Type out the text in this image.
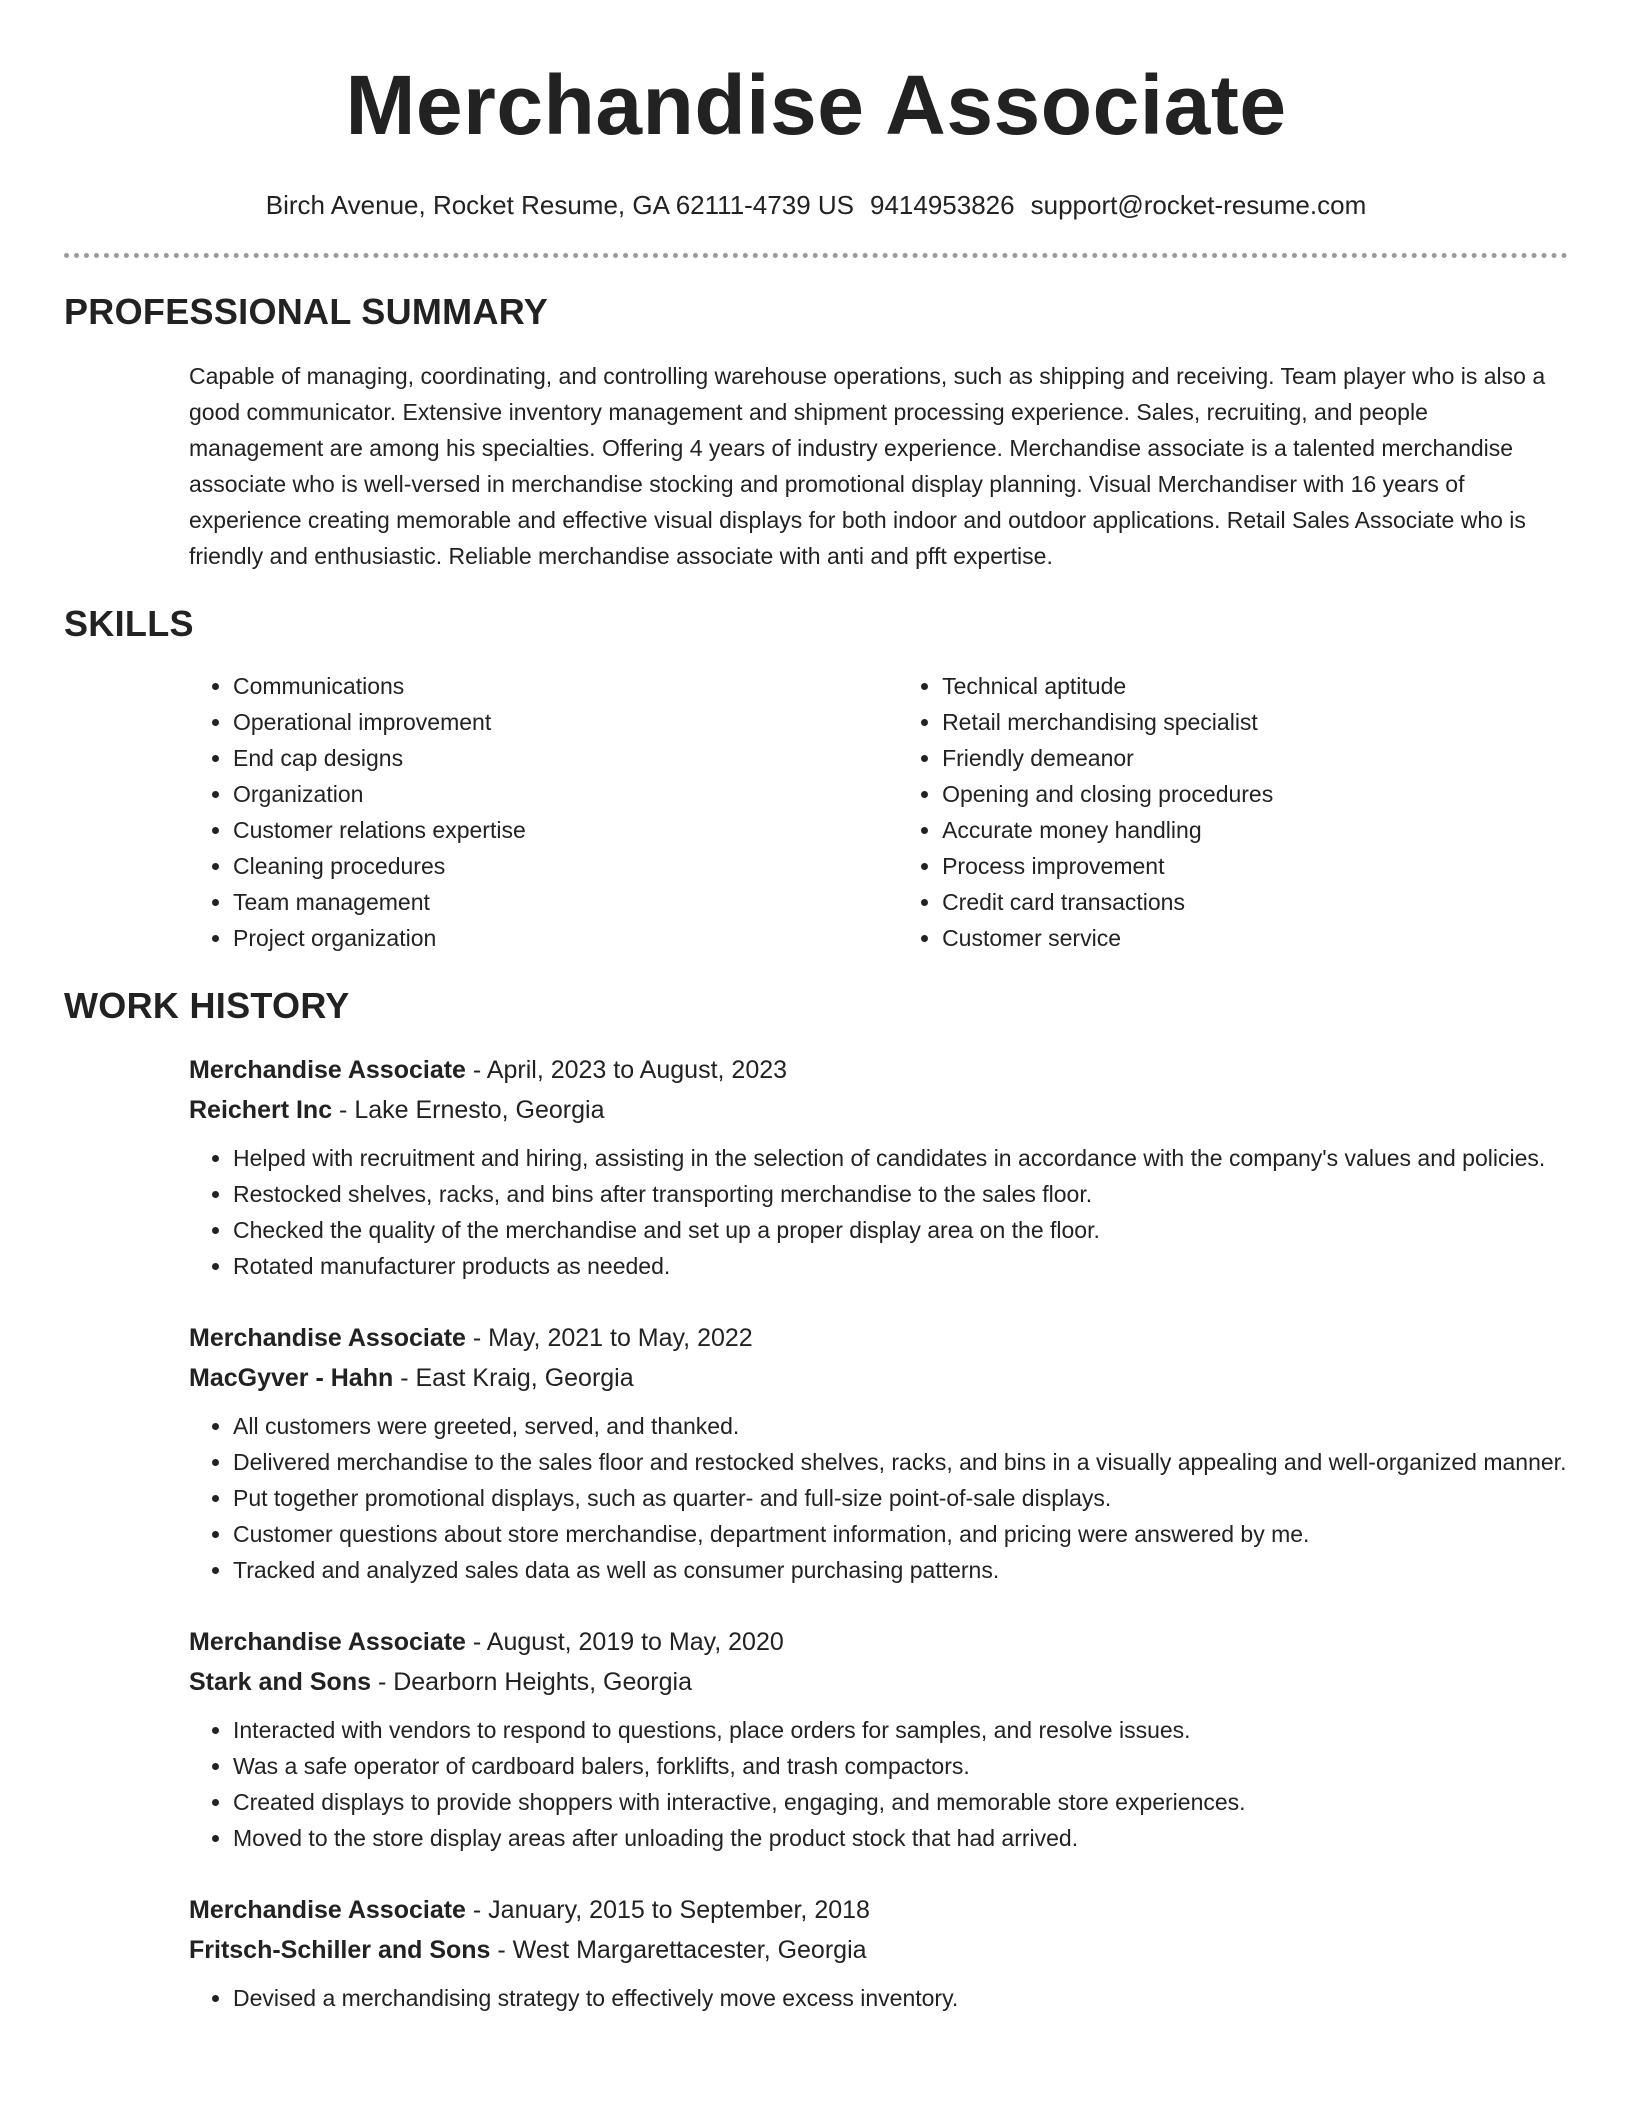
Merchandise Associate
Birch Avenue, Rocket Resume, GA 62111-4739 US 9414953826 support@rocket-resume.com
PROFESSIONAL SUMMARY

Capable of managing, coordinating, and controlling warehouse operations, such as shipping and receiving. Team player who is also a good communicator. Extensive inventory management and shipment processing experience. Sales, recruiting, and people management are among his specialties. Offering 4 years of industry experience. Merchandise associate is a talented merchandise associate who is well-versed in merchandise stocking and promotional display planning. Visual Merchandiser with 16 years of experience creating memorable and effective visual displays for both indoor and outdoor applications. Retail Sales Associate who is friendly and enthusiastic. Reliable merchandise associate with anti and pfft expertise.

SKILLS
• Communications
• Operational improvement
• End cap designs
• Organization
• Customer relations expertise
• Cleaning procedures
• Team management
• Project organization
• Technical aptitude
• Retail merchandising specialist
• Friendly demeanor
• Opening and closing procedures
• Accurate money handling
• Process improvement
• Credit card transactions
• Customer service
WORK HISTORY
Merchandise Associate - April, 2023 to August, 2023
Reichert Inc - Lake Ernesto, Georgia
• Helped with recruitment and hiring, assisting in the selection of candidates in accordance with the company's values and policies.
• Restocked shelves, racks, and bins after transporting merchandise to the sales floor.
• Checked the quality of the merchandise and set up a proper display area on the floor.
• Rotated manufacturer products as needed.
Merchandise Associate - May, 2021 to May, 2022
MacGyver - Hahn - East Kraig, Georgia
• All customers were greeted, served, and thanked.
• Delivered merchandise to the sales floor and restocked shelves, racks, and bins in a visually appealing and well-organized manner.
• Put together promotional displays, such as quarter- and full-size point-of-sale displays.
• Customer questions about store merchandise, department information, and pricing were answered by me.
• Tracked and analyzed sales data as well as consumer purchasing patterns.
Merchandise Associate - August, 2019 to May, 2020
Stark and Sons - Dearborn Heights, Georgia
• Interacted with vendors to respond to questions, place orders for samples, and resolve issues.
• Was a safe operator of cardboard balers, forklifts, and trash compactors.
• Created displays to provide shoppers with interactive, engaging, and memorable store experiences.
• Moved to the store display areas after unloading the product stock that had arrived.
Merchandise Associate - January, 2015 to September, 2018
Fritsch-Schiller and Sons - West Margarettacester, Georgia
• Devised a merchandising strategy to effectively move excess inventory.
